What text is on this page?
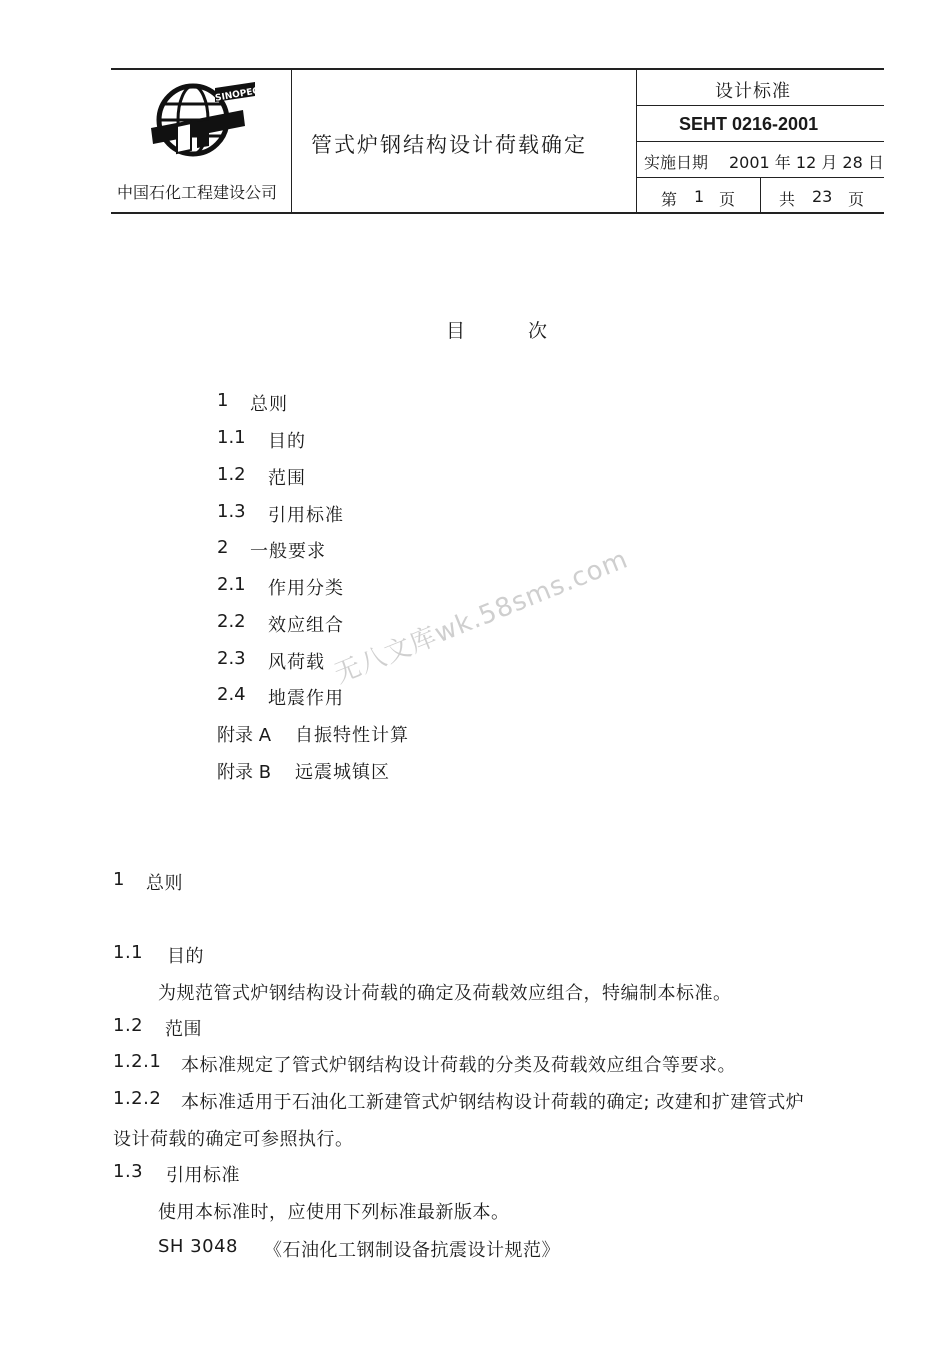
SINOPEC
中国石化工程建设公司
管式炉钢结构设计荷载确定
设计标准
SEHT 0216-2001
实施日期 2001 年 12 月 28 日
第 1 页	共 23 页
目	次
1 总则
1.1 目的
1.2 范围
1.3 引用标准
2 一般要求
2.1 作用分类
2.2 效应组合
2.3 风荷载
2.4 地震作用
附录 A 自振特性计算
附录 B 远震城镇区
无八文库wk.58sms.com
1 总则
1.1 目的
为规范管式炉钢结构设计荷载的确定及荷载效应组合，特编制本标准。
1.2 范围
1.2.1 本标准规定了管式炉钢结构设计荷载的分类及荷载效应组合等要求。
1.2.2 本标准适用于石油化工新建管式炉钢结构设计荷载的确定; 改建和扩建管式炉
设计荷载的确定可参照执行。
1.3 引用标准
使用本标准时，应使用下列标准最新版本。
SH 3048 《石油化工钢制设备抗震设计规范》
